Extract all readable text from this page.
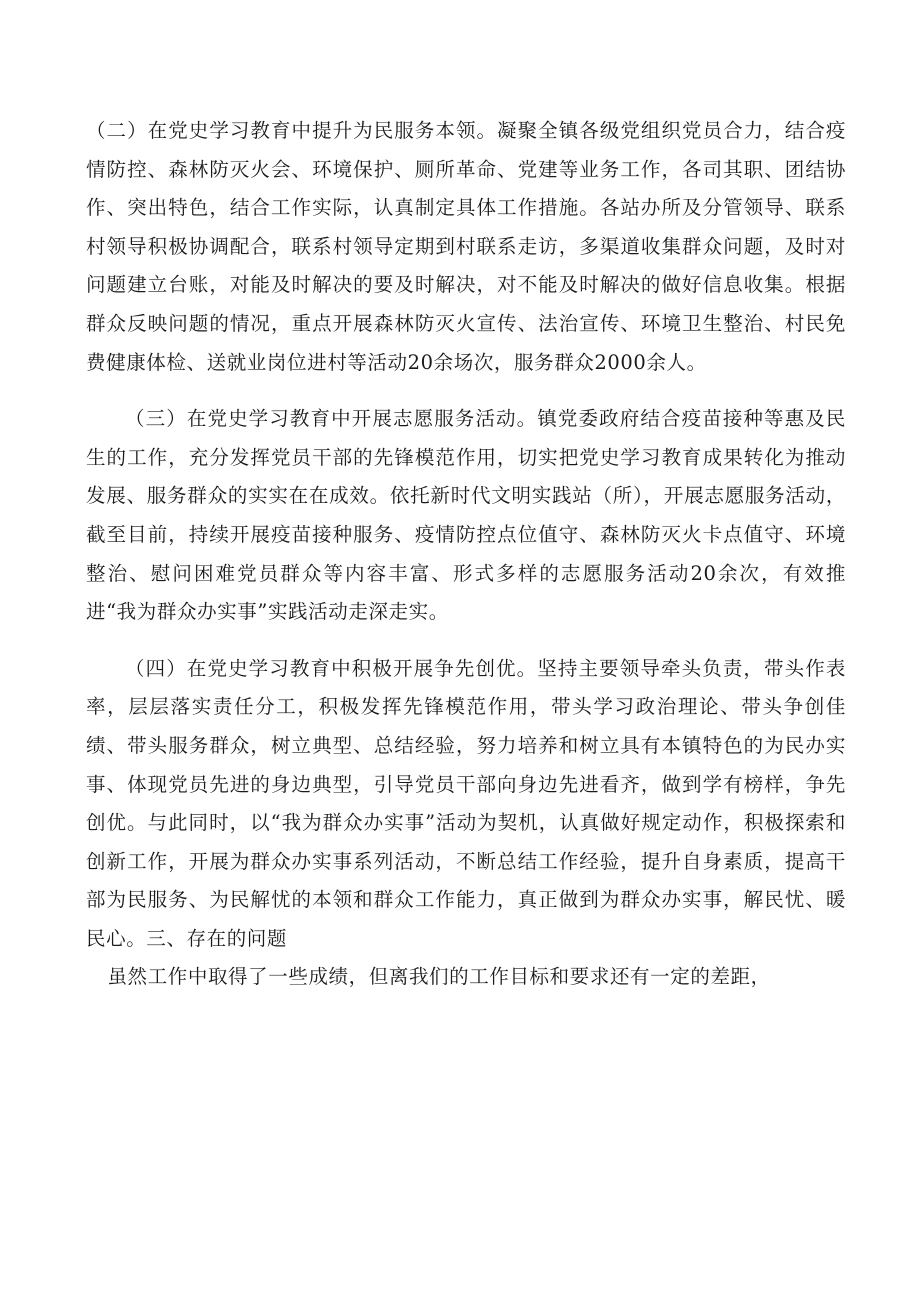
（二）在党史学习教育中提升为民服务本领。凝聚全镇各级党组织党员合力，结合疫情防控、森林防灭火会、环境保护、厕所革命、党建等业务工作，各司其职、团结协作、突出特色，结合工作实际，认真制定具体工作措施。各站办所及分管领导、联系村领导积极协调配合，联系村领导定期到村联系走访，多渠道收集群众问题，及时对问题建立台账，对能及时解决的要及时解决，对不能及时解决的做好信息收集。根据群众反映问题的情况，重点开展森林防灭火宣传、法治宣传、环境卫生整治、村民免费健康体检、送就业岗位进村等活动20余场次，服务群众2000余人。

（三）在党史学习教育中开展志愿服务活动。镇党委政府结合疫苗接种等惠及民生的工作，充分发挥党员干部的先锋模范作用，切实把党史学习教育成果转化为推动发展、服务群众的实实在在成效。依托新时代文明实践站（所），开展志愿服务活动，截至目前，持续开展疫苗接种服务、疫情防控点位值守、森林防灭火卡点值守、环境整治、慰问困难党员群众等内容丰富、形式多样的志愿服务活动20余次，有效推进“我为群众办实事”实践活动走深走实。

（四）在党史学习教育中积极开展争先创优。坚持主要领导牵头负责，带头作表率，层层落实责任分工，积极发挥先锋模范作用，带头学习政治理论、带头争创佳绩、带头服务群众，树立典型、总结经验，努力培养和树立具有本镇特色的为民办实事、体现党员先进的身边典型，引导党员干部向身边先进看齐，做到学有榜样，争先创优。与此同时，以“我为群众办实事”活动为契机，认真做好规定动作，积极探索和创新工作，开展为群众办实事系列活动，不断总结工作经验，提升自身素质，提高干部为民服务、为民解忧的本领和群众工作能力，真正做到为群众办实事，解民忧、暖民心。三、存在的问题

虽然工作中取得了一些成绩，但离我们的工作目标和要求还有一定的差距，
